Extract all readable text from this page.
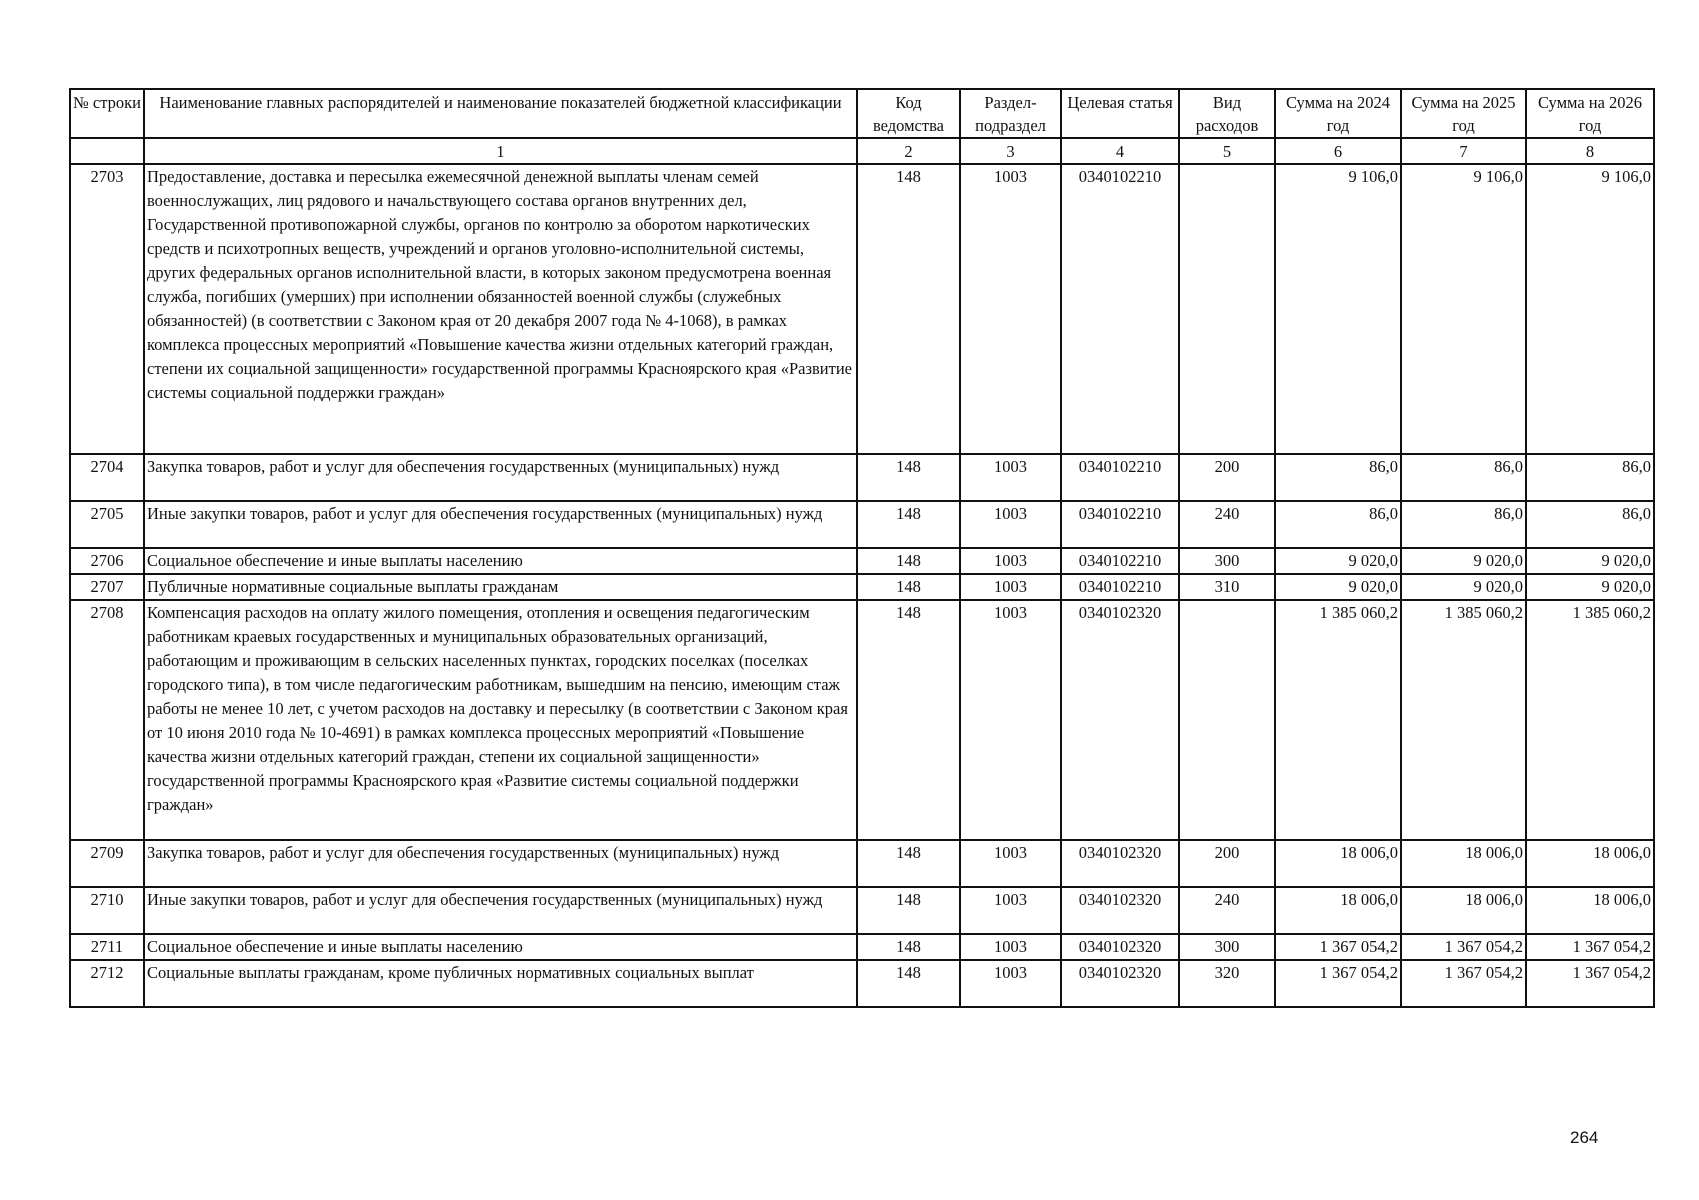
№ строки	Наименование главных распорядителей и наименование показателей бюджетной классификации	Код ведомства	Раздел-подраздел	Целевая статья	Вид расходов	Сумма на 2024 год	Сумма на 2025 год	Сумма на 2026 год
	1	2	3	4	5	6	7	8
2703	Предоставление, доставка и пересылка ежемесячной денежной выплаты членам семей военнослужащих, лиц рядового и начальствующего состава органов внутренних дел, Государственной противопожарной службы, органов по контролю за оборотом наркотических средств и психотропных веществ, учреждений и органов уголовно-исполнительной системы, других федеральных органов исполнительной власти, в которых законом предусмотрена военная служба, погибших (умерших) при исполнении обязанностей военной службы (служебных обязанностей) (в соответствии с Законом края от 20 декабря 2007 года № 4-1068), в рамках комплекса процессных мероприятий «Повышение качества жизни отдельных категорий граждан, степени их социальной защищенности» государственной программы Красноярского края «Развитие системы социальной поддержки граждан»	148	1003	0340102210		9 106,0	9 106,0	9 106,0
2704	Закупка товаров, работ и услуг для обеспечения государственных (муниципальных) нужд	148	1003	0340102210	200	86,0	86,0	86,0
2705	Иные закупки товаров, работ и услуг для обеспечения государственных (муниципальных) нужд	148	1003	0340102210	240	86,0	86,0	86,0
2706	Социальное обеспечение и иные выплаты населению	148	1003	0340102210	300	9 020,0	9 020,0	9 020,0
2707	Публичные нормативные социальные выплаты гражданам	148	1003	0340102210	310	9 020,0	9 020,0	9 020,0
2708	Компенсация расходов на оплату жилого помещения, отопления и освещения педагогическим работникам краевых государственных и муниципальных образовательных организаций, работающим и проживающим в сельских населенных пунктах, городских поселках (поселках городского типа), в том числе педагогическим работникам, вышедшим на пенсию, имеющим стаж работы не менее 10 лет, с учетом расходов на доставку и пересылку (в соответствии с Законом края от 10 июня 2010 года № 10-4691) в рамках комплекса процессных мероприятий «Повышение качества жизни отдельных категорий граждан, степени их социальной защищенности» государственной программы Красноярского края «Развитие системы социальной поддержки граждан»	148	1003	0340102320		1 385 060,2	1 385 060,2	1 385 060,2
2709	Закупка товаров, работ и услуг для обеспечения государственных (муниципальных) нужд	148	1003	0340102320	200	18 006,0	18 006,0	18 006,0
2710	Иные закупки товаров, работ и услуг для обеспечения государственных (муниципальных) нужд	148	1003	0340102320	240	18 006,0	18 006,0	18 006,0
2711	Социальное обеспечение и иные выплаты населению	148	1003	0340102320	300	1 367 054,2	1 367 054,2	1 367 054,2
2712	Социальные выплаты гражданам, кроме публичных нормативных социальных выплат	148	1003	0340102320	320	1 367 054,2	1 367 054,2	1 367 054,2
264
